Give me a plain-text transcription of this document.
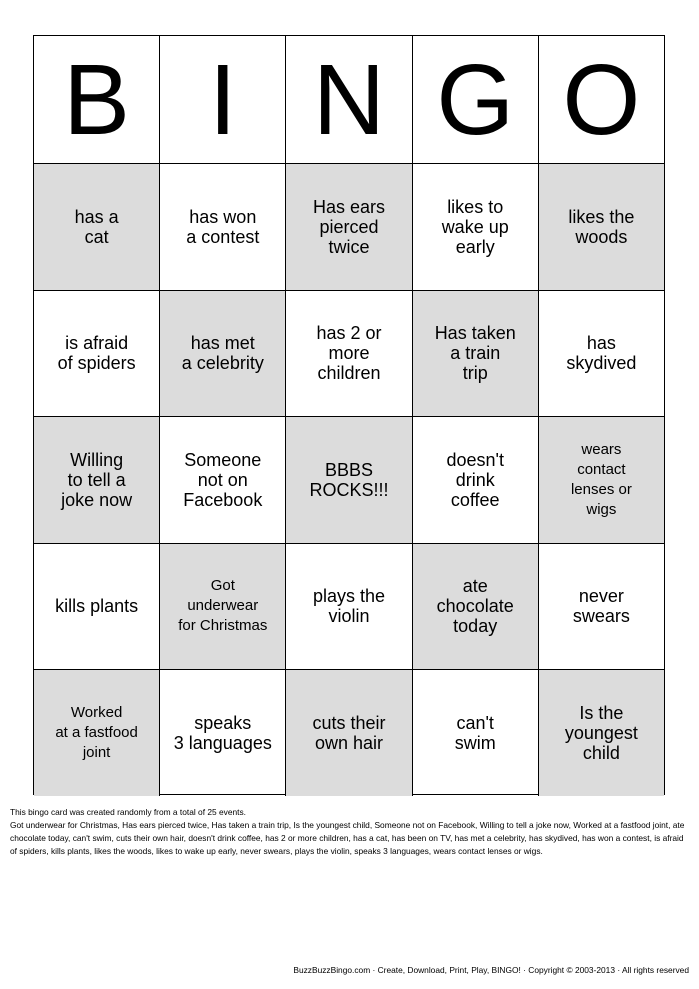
B I N G O
has a
cat
has won
a contest
Has ears
pierced
twice
likes to
wake up
early
likes the
woods
is afraid
of spiders
has met
a celebrity
has 2 or
more
children
Has taken
a train
trip
has
skydived
Willing
to tell a
joke now
Someone
not on
Facebook
BBBS
ROCKS!!!
doesn't
drink
coffee
wears
contact
lenses or
wigs
kills plants
Got
underwear
for Christmas
plays the
violin
ate
chocolate
today
never
swears
Worked
at a fastfood
joint
speaks
3 languages
cuts their
own hair
can't
swim
Is the
youngest
child

This bingo card was created randomly from a total of 25 events.

Got underwear for Christmas, Has ears pierced twice, Has taken a train trip, Is the youngest child, Someone not on Facebook, Willing to tell a joke now, Worked at a fastfood joint, ate chocolate today, can't swim, cuts their own hair, doesn't drink coffee, has 2 or more children, has a cat, has been on TV, has met a celebrity, has skydived, has won a contest, is afraid of spiders, kills plants, likes the woods, likes to wake up early, never swears, plays the violin, speaks 3 languages, wears contact lenses or wigs.

BuzzBuzzBingo.com · Create, Download, Print, Play, BINGO! · Copyright © 2003-2013 · All rights reserved
